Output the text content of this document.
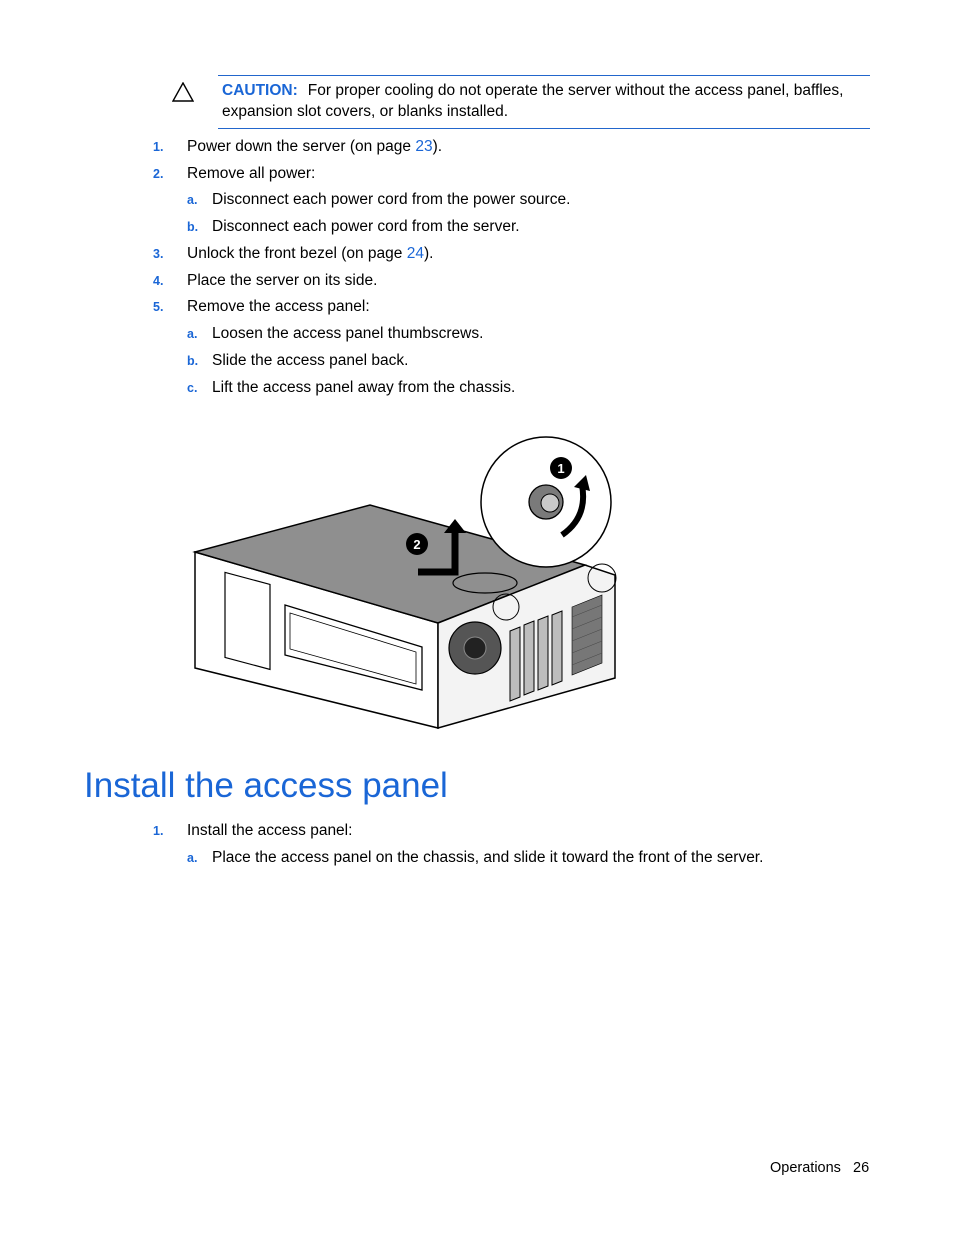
CAUTION: For proper cooling do not operate the server without the access panel, baffles, expansion slot covers, or blanks installed.
1. Power down the server (on page 23).
2. Remove all power:
a. Disconnect each power cord from the power source.
b. Disconnect each power cord from the server.
3. Unlock the front bezel (on page 24).
4. Place the server on its side.
5. Remove the access panel:
a. Loosen the access panel thumbscrews.
b. Slide the access panel back.
c. Lift the access panel away from the chassis.
1
2
Install the access panel
1. Install the access panel:
a. Place the access panel on the chassis, and slide it toward the front of the server.
Operations 26
